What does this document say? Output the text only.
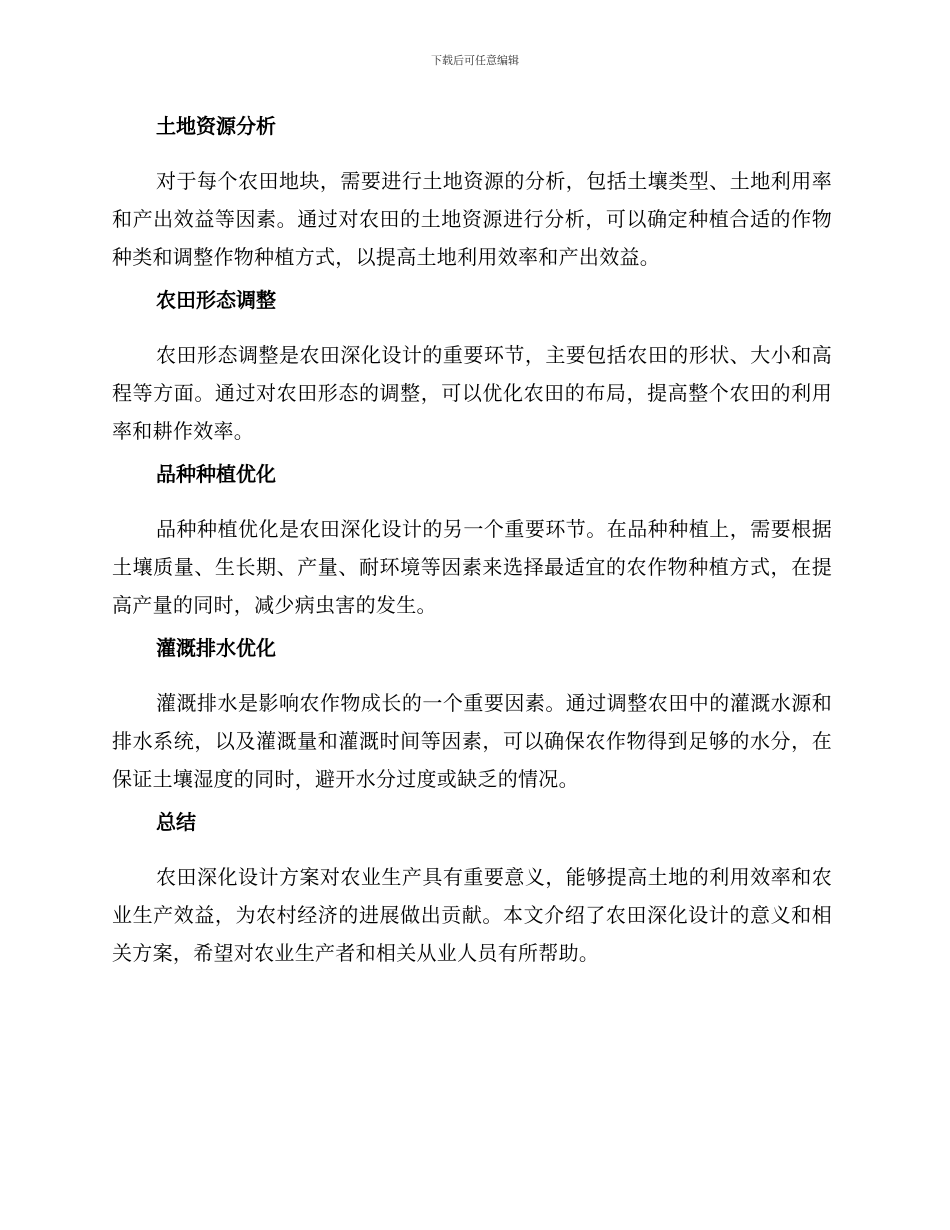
下载后可任意编辑
土地资源分析

对于每个农田地块，需要进行土地资源的分析，包括土壤类型、土地利用率和产出效益等因素。通过对农田的土地资源进行分析，可以确定种植合适的作物种类和调整作物种植方式，以提高土地利用效率和产出效益。

农田形态调整

农田形态调整是农田深化设计的重要环节，主要包括农田的形状、大小和高程等方面。通过对农田形态的调整，可以优化农田的布局，提高整个农田的利用率和耕作效率。

品种种植优化

品种种植优化是农田深化设计的另一个重要环节。在品种种植上，需要根据土壤质量、生长期、产量、耐环境等因素来选择最适宜的农作物种植方式，在提高产量的同时，减少病虫害的发生。

灌溉排水优化

灌溉排水是影响农作物成长的一个重要因素。通过调整农田中的灌溉水源和排水系统，以及灌溉量和灌溉时间等因素，可以确保农作物得到足够的水分，在保证土壤湿度的同时，避开水分过度或缺乏的情况。

总结

农田深化设计方案对农业生产具有重要意义，能够提高土地的利用效率和农业生产效益，为农村经济的进展做出贡献。本文介绍了农田深化设计的意义和相关方案，希望对农业生产者和相关从业人员有所帮助。
